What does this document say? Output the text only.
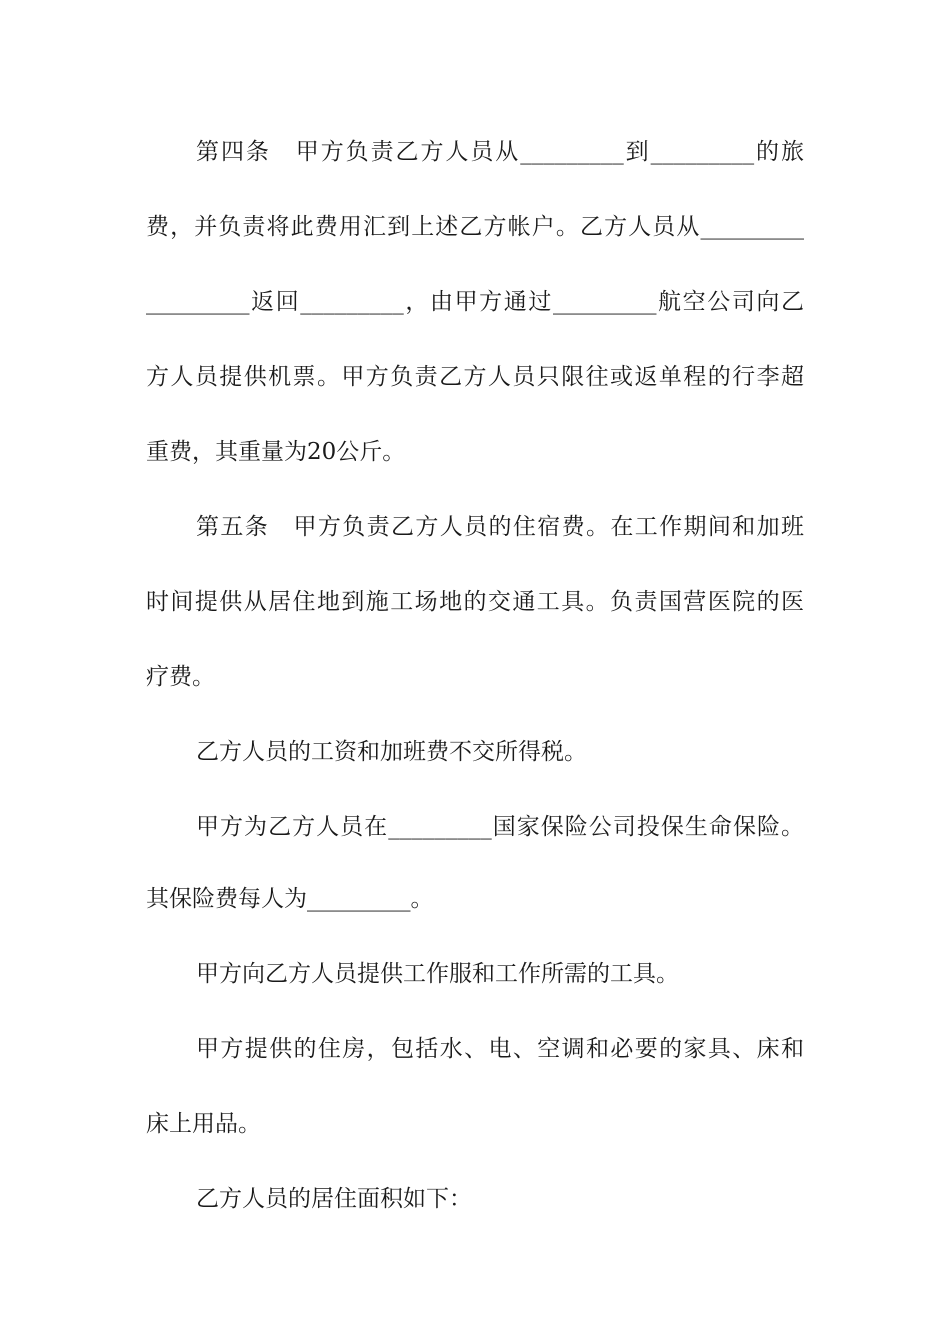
第四条　甲方负责乙方人员从_________到_________的旅
费，并负责将此费用汇到上述乙方帐户。乙方人员从_________
_________返回_________，由甲方通过_________航空公司向乙
方人员提供机票。甲方负责乙方人员只限往或返单程的行李超
重费，其重量为20公斤。
第五条　甲方负责乙方人员的住宿费。在工作期间和加班
时间提供从居住地到施工场地的交通工具。负责国营医院的医
疗费。
乙方人员的工资和加班费不交所得税。
甲方为乙方人员在_________国家保险公司投保生命保险。
其保险费每人为_________。
甲方向乙方人员提供工作服和工作所需的工具。
甲方提供的住房，包括水、电、空调和必要的家具、床和
床上用品。
乙方人员的居住面积如下：
